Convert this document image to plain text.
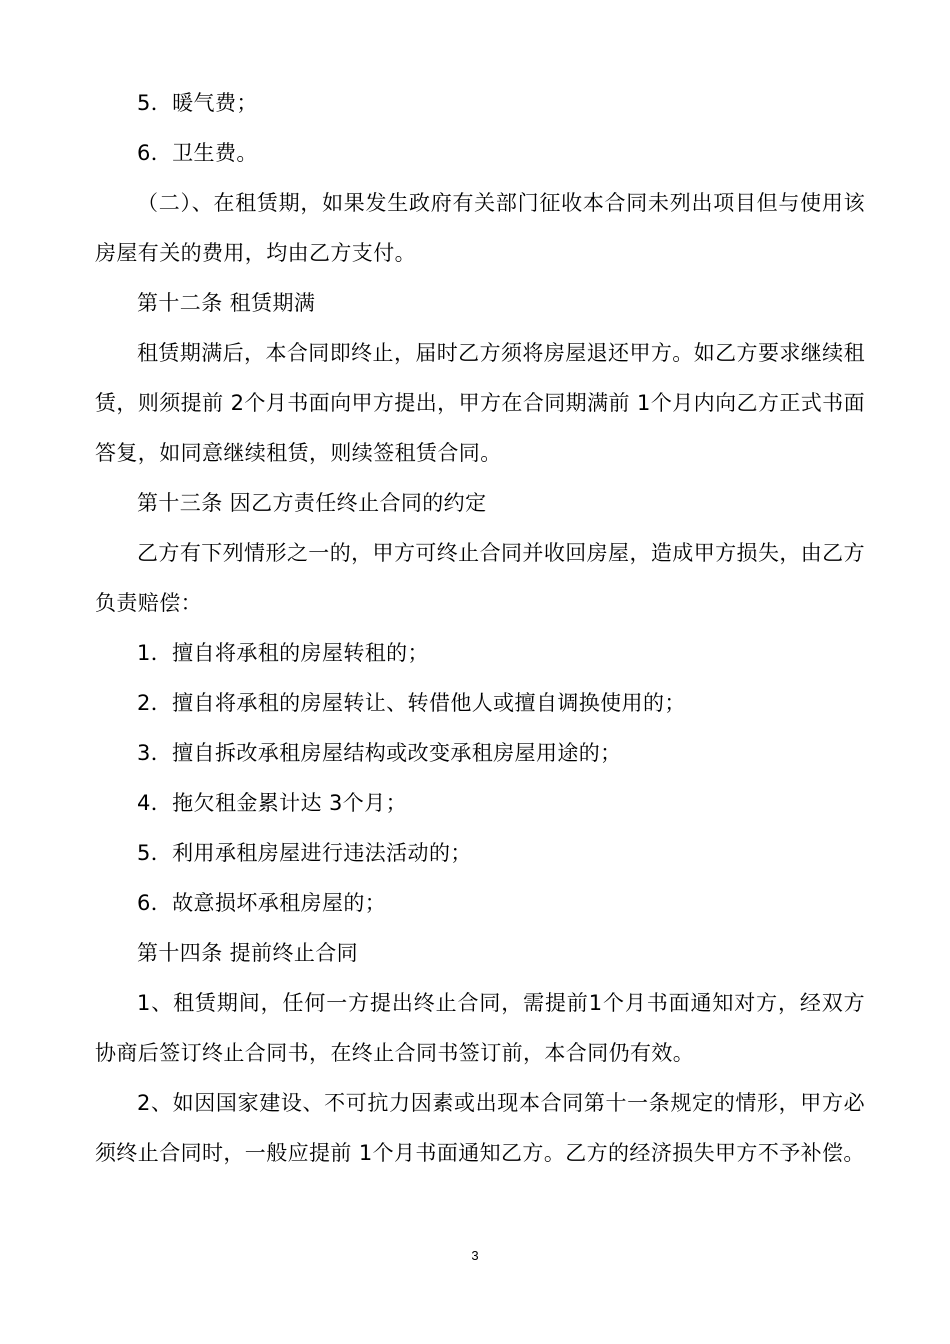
5．暖气费；

6．卫生费。

（二）、在租赁期，如果发生政府有关部门征收本合同未列出项目但与使用该房屋有关的费用，均由乙方支付。

第十二条 租赁期满

租赁期满后，本合同即终止，届时乙方须将房屋退还甲方。如乙方要求继续租赁，则须提前 2个月书面向甲方提出，甲方在合同期满前 1个月内向乙方正式书面答复，如同意继续租赁，则续签租赁合同。

第十三条 因乙方责任终止合同的约定

乙方有下列情形之一的，甲方可终止合同并收回房屋，造成甲方损失，由乙方负责赔偿：

1．擅自将承租的房屋转租的；

2．擅自将承租的房屋转让、转借他人或擅自调换使用的；

3．擅自拆改承租房屋结构或改变承租房屋用途的；

4．拖欠租金累计达 3个月；

5．利用承租房屋进行违法活动的；

6．故意损坏承租房屋的；

第十四条 提前终止合同

1、租赁期间，任何一方提出终止合同，需提前1个月书面通知对方，经双方协商后签订终止合同书，在终止合同书签订前，本合同仍有效。

2、如因国家建设、不可抗力因素或出现本合同第十一条规定的情形，甲方必须终止合同时，一般应提前 1个月书面通知乙方。乙方的经济损失甲方不予补偿。

3
